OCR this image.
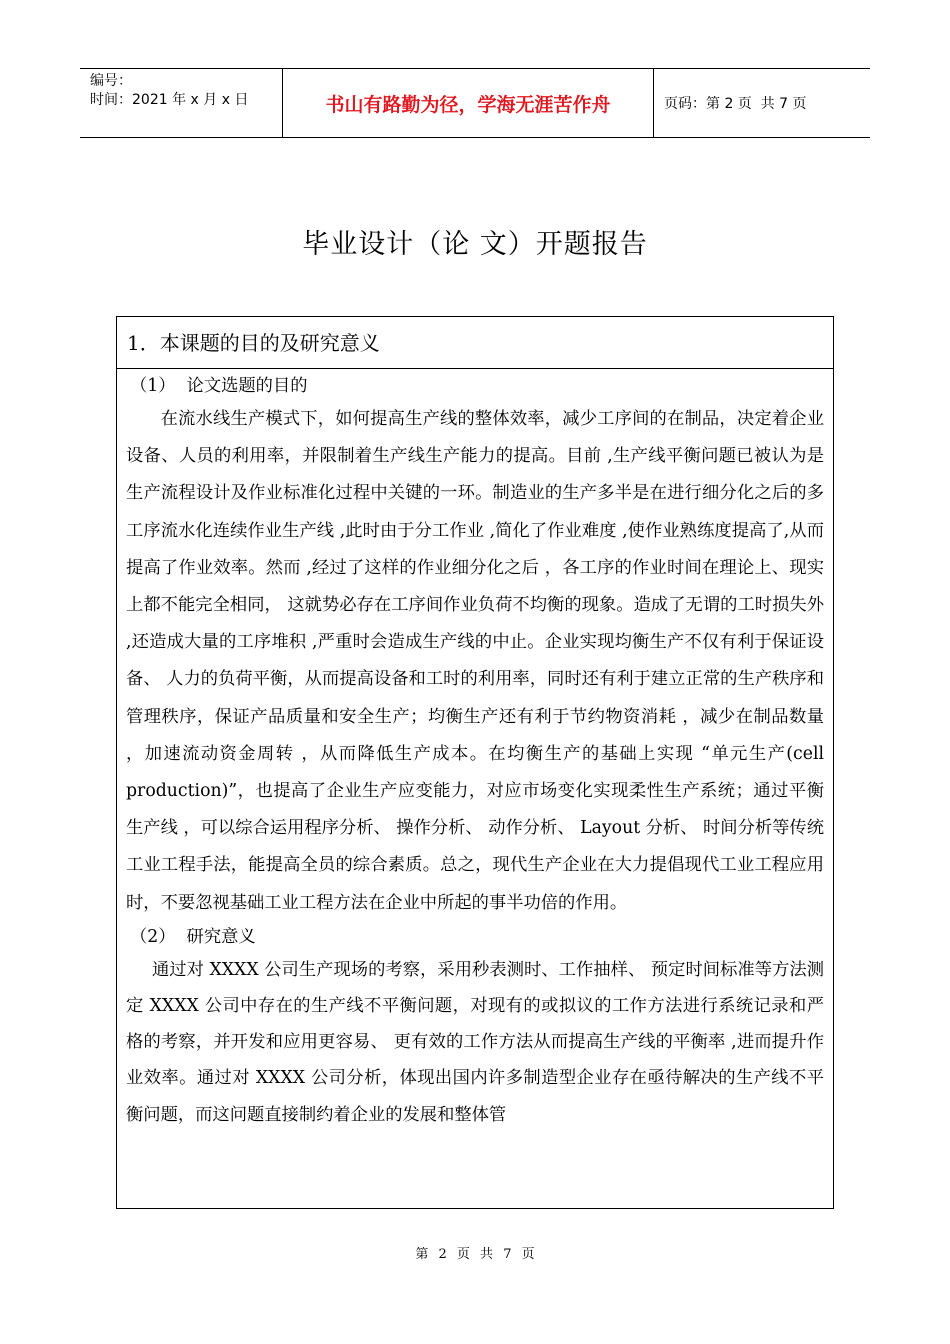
编号：
时间：2021 年 x 月 x 日	书山有路勤为径，学海无涯苦作舟	页码：第 2 页  共 7 页
毕业设计（论 文）开题报告
1．本课题的目的及研究意义
（1）  论文选题的目的

在流水线生产模式下，如何提高生产线的整体效率，减少工序间的在制品，决定着企业设备、人员的利用率，并限制着生产线生产能力的提高。目前 ,生产线平衡问题已被认为是生产流程设计及作业标准化过程中关键的一环。制造业的生产多半是在进行细分化之后的多工序流水化连续作业生产线 ,此时由于分工作业 ,简化了作业难度 ,使作业熟练度提高了,从而提高了作业效率。然而 ,经过了这样的作业细分化之后 ，各工序的作业时间在理论上、现实上都不能完全相同， 这就势必存在工序间作业负荷不均衡的现象。造成了无谓的工时损失外 ,还造成大量的工序堆积 ,严重时会造成生产线的中止。企业实现均衡生产不仅有利于保证设备、 人力的负荷平衡，从而提高设备和工时的利用率，同时还有利于建立正常的生产秩序和管理秩序，保证产品质量和安全生产；均衡生产还有利于节约物资消耗 ，减少在制品数量 ，加速流动资金周转 ，从而降低生产成本。在均衡生产的基础上实现 “单元生产(cell production)”，也提高了企业生产应变能力，对应市场变化实现柔性生产系统；通过平衡生产线 ，可以综合运用程序分析、 操作分析、 动作分析、 Layout 分析、 时间分析等传统工业工程手法，能提高全员的综合素质。总之，现代生产企业在大力提倡现代工业工程应用时，不要忽视基础工业工程方法在企业中所起的事半功倍的作用。

（2）  研究意义

通过对 XXXX 公司生产现场的考察，采用秒表测时、工作抽样、 预定时间标准等方法测定 XXXX 公司中存在的生产线不平衡问题，对现有的或拟议的工作方法进行系统记录和严格的考察，并开发和应用更容易、 更有效的工作方法从而提高生产线的平衡率 ,进而提升作业效率。通过对 XXXX 公司分析，体现出国内许多制造型企业存在亟待解决的生产线不平衡问题，而这问题直接制约着企业的发展和整体管

第 2 页 共 7 页
